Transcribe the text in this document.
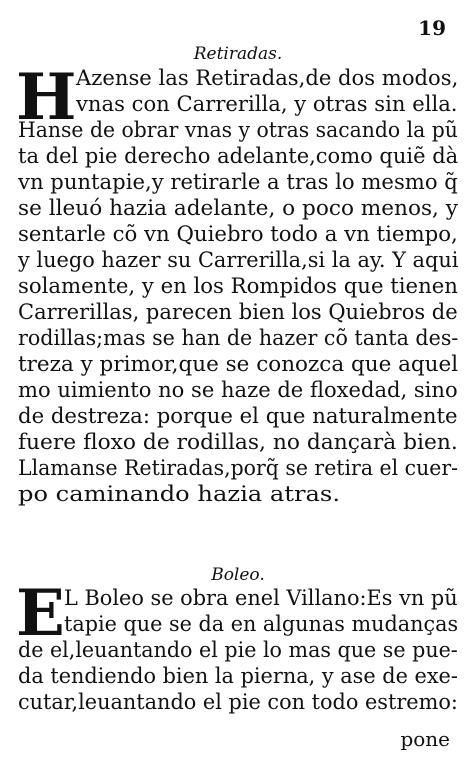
19
Retiradas.
H Azense las Retiradas,de dos modos,
vnas con Carrerilla, y otras sin ella.
Hanse de obrar vnas y otras sacando la pũ
ta del pie derecho adelante,como quiẽ dà
vn puntapie,y retirarle a tras lo mesmo q̃
se lleuó hazia adelante, o poco menos, y
sentarle cõ vn Quiebro todo a vn tiempo,
y luego hazer su Carrerilla,si la ay. Y aqui
solamente, y en los Rompidos que tienen
Carrerillas, parecen bien los Quiebros de
rodillas;mas se han de hazer cõ tanta des-
treza y primor,que se conozca que aquel
mo uimiento no se haze de floxedad, sino
de destreza: porque el que naturalmente
fuere floxo de rodillas, no dançarà bien.
Llamanse Retiradas,porq̃ se retira el cuer-
po caminando hazia atras.
Boleo.
E L Boleo se obra enel Villano:Es vn pũ
tapie que se da en algunas mudanças
de el,leuantando el pie lo mas que se pue-
da tendiendo bien la pierna, y ase de exe-
cutar,leuantando el pie con todo estremo:
pone
